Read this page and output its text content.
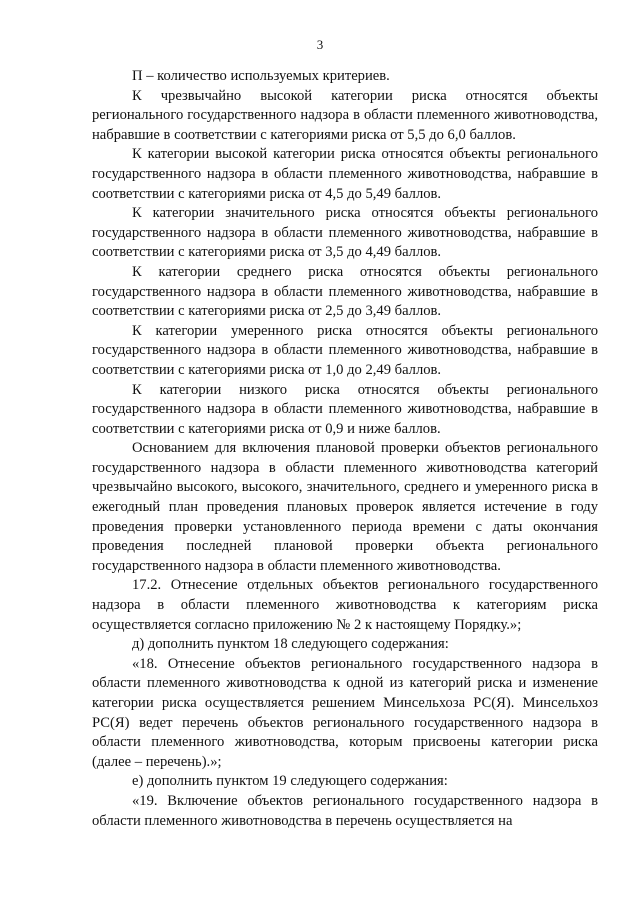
3

П – количество используемых критериев.

К чрезвычайно высокой категории риска относятся объекты регионального государственного надзора в области племенного животноводства, набравшие в соответствии с категориями риска от 5,5 до 6,0 баллов.

К категории высокой категории риска относятся объекты регионального государственного надзора в области племенного животноводства, набравшие в соответствии с категориями риска от 4,5 до 5,49 баллов.

К категории значительного риска относятся объекты регионального государственного надзора в области племенного животноводства, набравшие в соответствии с категориями риска от 3,5 до 4,49 баллов.

К категории среднего риска относятся объекты регионального государственного надзора в области племенного животноводства, набравшие в соответствии с категориями риска от 2,5 до 3,49 баллов.

К категории умеренного риска относятся объекты регионального государственного надзора в области племенного животноводства, набравшие в соответствии с категориями риска от 1,0 до 2,49 баллов.

К категории низкого риска относятся объекты регионального государственного надзора в области племенного животноводства, набравшие в соответствии с категориями риска от 0,9 и ниже баллов.

Основанием для включения плановой проверки объектов регионального государственного надзора в области племенного животноводства категорий чрезвычайно высокого, высокого, значительного, среднего и умеренного риска в ежегодный план проведения плановых проверок является истечение в году проведения проверки установленного периода времени с даты окончания проведения последней плановой проверки объекта регионального государственного надзора в области племенного животноводства.

17.2. Отнесение отдельных объектов регионального государственного надзора в области племенного животноводства к категориям риска осуществляется согласно приложению № 2 к настоящему Порядку.»;

д) дополнить пунктом 18 следующего содержания:

«18. Отнесение объектов регионального государственного надзора в области племенного животноводства к одной из категорий риска и изменение категории риска осуществляется решением Минсельхоза РС(Я). Минсельхоз РС(Я) ведет перечень объектов регионального государственного надзора в области племенного животноводства, которым присвоены категории риска (далее – перечень).»;

е) дополнить пунктом 19 следующего содержания:

«19. Включение объектов регионального государственного надзора в области племенного животноводства в перечень осуществляется на
